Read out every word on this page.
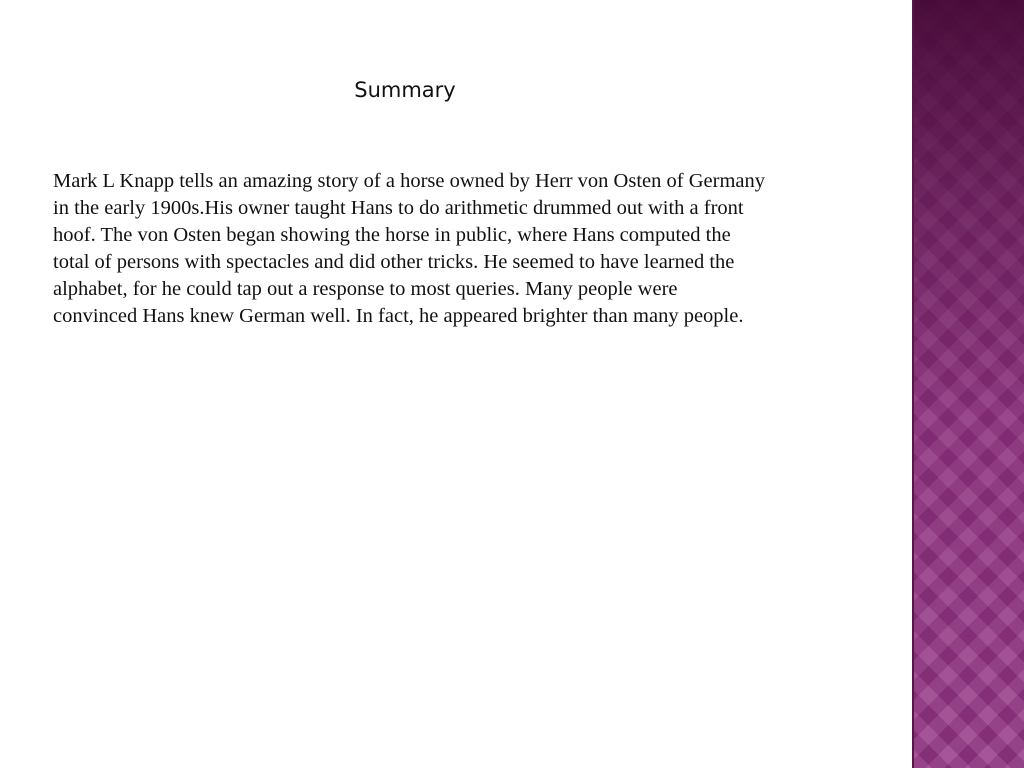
Summary

Mark L Knapp tells an amazing story of a horse owned by Herr von Osten of Germany in the early 1900s.His owner taught Hans to do arithmetic drummed out with a front hoof. The von Osten began showing the horse in public, where Hans computed the total of persons with spectacles and did other tricks. He seemed to have learned the alphabet, for he could tap out a response to most queries. Many people were convinced Hans knew German well. In fact, he appeared brighter than many people.
